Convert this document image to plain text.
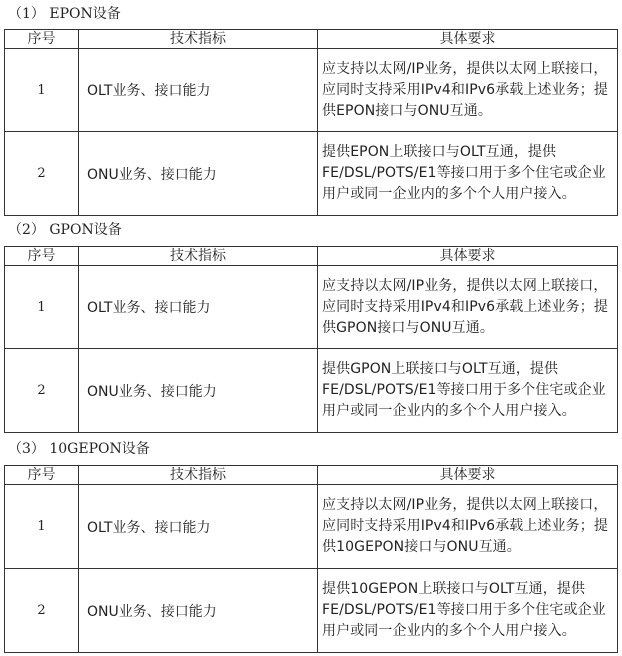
（1） EPON设备
序号	技术指标	具体要求
1	OLT业务、接口能力	应支持以太网/IP业务，提供以太网上联接口，应同时支持采用IPv4和IPv6承载上述业务；提供EPON接口与ONU互通。
2	ONU业务、接口能力	提供EPON上联接口与OLT互通，提供FE/DSL/POTS/E1等接口用于多个住宅或企业用户或同一企业内的多个个人用户接入。
（2） GPON设备
序号	技术指标	具体要求
1	OLT业务、接口能力	应支持以太网/IP业务，提供以太网上联接口，应同时支持采用IPv4和IPv6承载上述业务；提供GPON接口与ONU互通。
2	ONU业务、接口能力	提供GPON上联接口与OLT互通，提供FE/DSL/POTS/E1等接口用于多个住宅或企业用户或同一企业内的多个个人用户接入。
（3） 10GEPON设备
序号	技术指标	具体要求
1	OLT业务、接口能力	应支持以太网/IP业务，提供以太网上联接口，应同时支持采用IPv4和IPv6承载上述业务；提供10GEPON接口与ONU互通。
2	ONU业务、接口能力	提供10GEPON上联接口与OLT互通，提供FE/DSL/POTS/E1等接口用于多个住宅或企业用户或同一企业内的多个个人用户接入。
